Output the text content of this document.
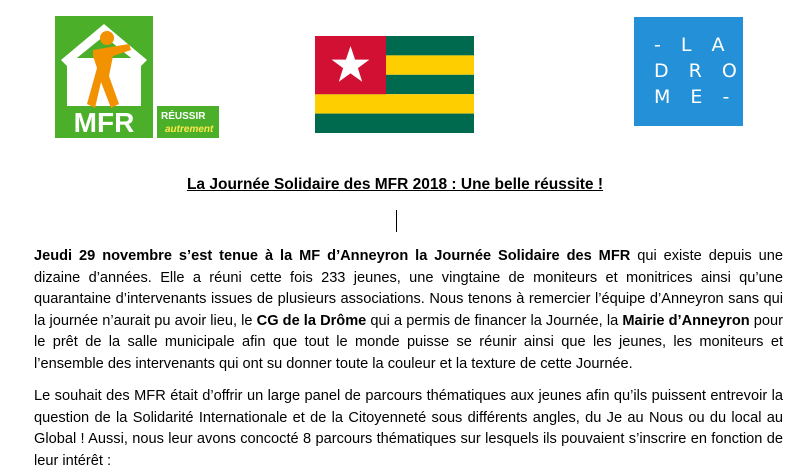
MFR	RÉUSSIR
autrement
- L A
D R O
M E -
La Journée Solidaire des MFR 2018 : Une belle réussite !

Jeudi 29 novembre s’est tenue à la MF d’Anneyron la Journée Solidaire des MFR qui existe depuis une dizaine d’années. Elle a réuni cette fois 233 jeunes, une vingtaine de moniteurs et monitrices ainsi qu’une quarantaine d’intervenants issues de plusieurs associations. Nous tenons à remercier l’équipe d’Anneyron sans qui la journée n’aurait pu avoir lieu, le CG de la Drôme qui a permis de financer la Journée, la Mairie d’Anneyron pour le prêt de la salle municipale afin que tout le monde puisse se réunir ainsi que les jeunes, les moniteurs et l’ensemble des intervenants qui ont su donner toute la couleur et la texture de cette Journée.

Le souhait des MFR était d’offrir un large panel de parcours thématiques aux jeunes afin qu’ils puissent entrevoir la question de la Solidarité Internationale et de la Citoyenneté sous différents angles, du Je au Nous ou du local au Global ! Aussi, nous leur avons concocté 8 parcours thématiques sur lesquels ils pouvaient s’inscrire en fonction de leur intérêt :
